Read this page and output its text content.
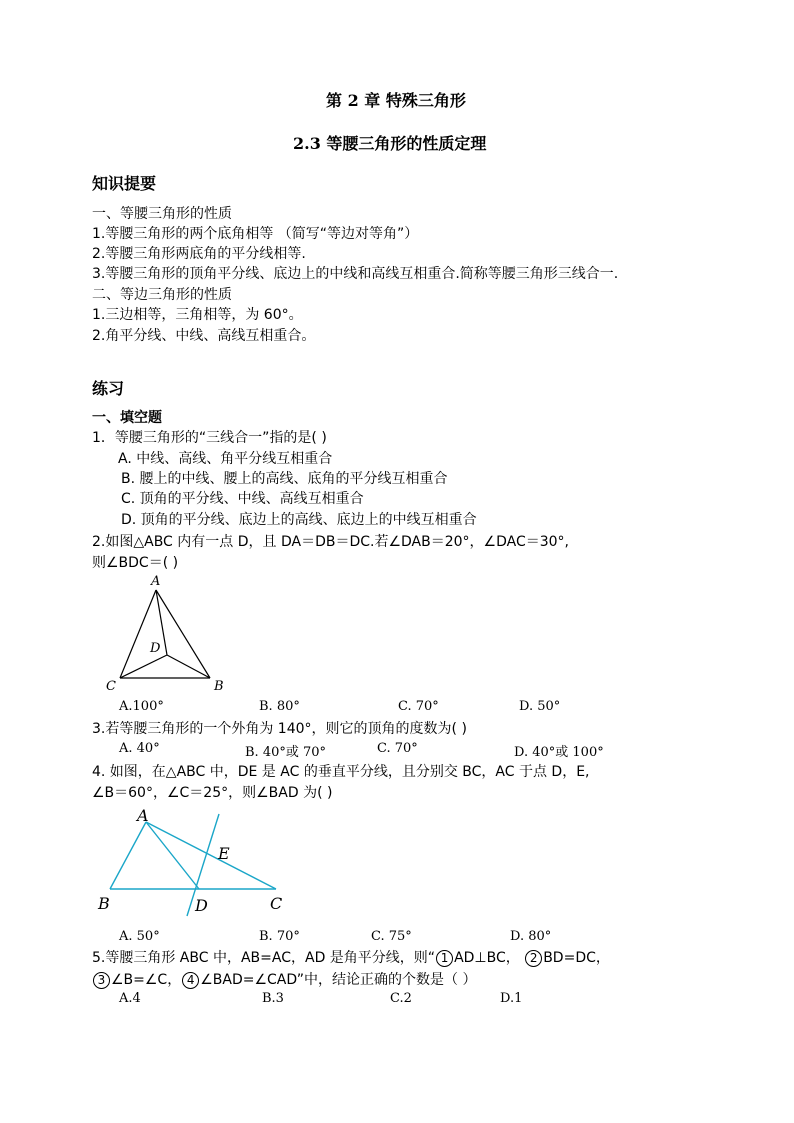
第 2 章 特殊三角形
2.3 等腰三角形的性质定理
知识提要
一、等腰三角形的性质
1.等腰三角形的两个底角相等 （简写“等边对等角”）
2.等腰三角形两底角的平分线相等.
3.等腰三角形的顶角平分线、底边上的中线和高线互相重合.简称等腰三角形三线合一.
二、等边三角形的性质
1.三边相等，三角相等，为 60°。
2.角平分线、中线、高线互相重合。
练习
一、填空题
1．等腰三角形的“三线合一”指的是( )
A. 中线、高线、角平分线互相重合
B. 腰上的中线、腰上的高线、底角的平分线互相重合
C. 顶角的平分线、中线、高线互相重合
D. 顶角的平分线、底边上的高线、底边上的中线互相重合
2.如图△ABC 内有一点 D，且 DA＝DB＝DC.若∠DAB＝20°，∠DAC＝30°,
则∠BDC＝( )
A
C	B
D
A.100°	B. 80°	C. 70°	D. 50°
3.若等腰三角形的一个外角为 140°，则它的顶角的度数为( )
A. 40°	B. 40°或 70°	C. 70°	D. 40°或 100°
4. 如图，在△ABC 中，DE 是 AC 的垂直平分线，且分别交 BC，AC 于点 D，E,
∠B＝60°，∠C＝25°，则∠BAD 为( )
A
B	C
D
E
A. 50°	B. 70°	C. 75°	D. 80°
5.等腰三角形 ABC 中，AB=AC，AD 是角平分线，则“ 1 AD⊥BC， 2 BD=DC，
3 ∠B=∠C， 4 ∠BAD=∠CAD”中，结论正确的个数是（ ）
A.4	B.3	C.2	D.1
